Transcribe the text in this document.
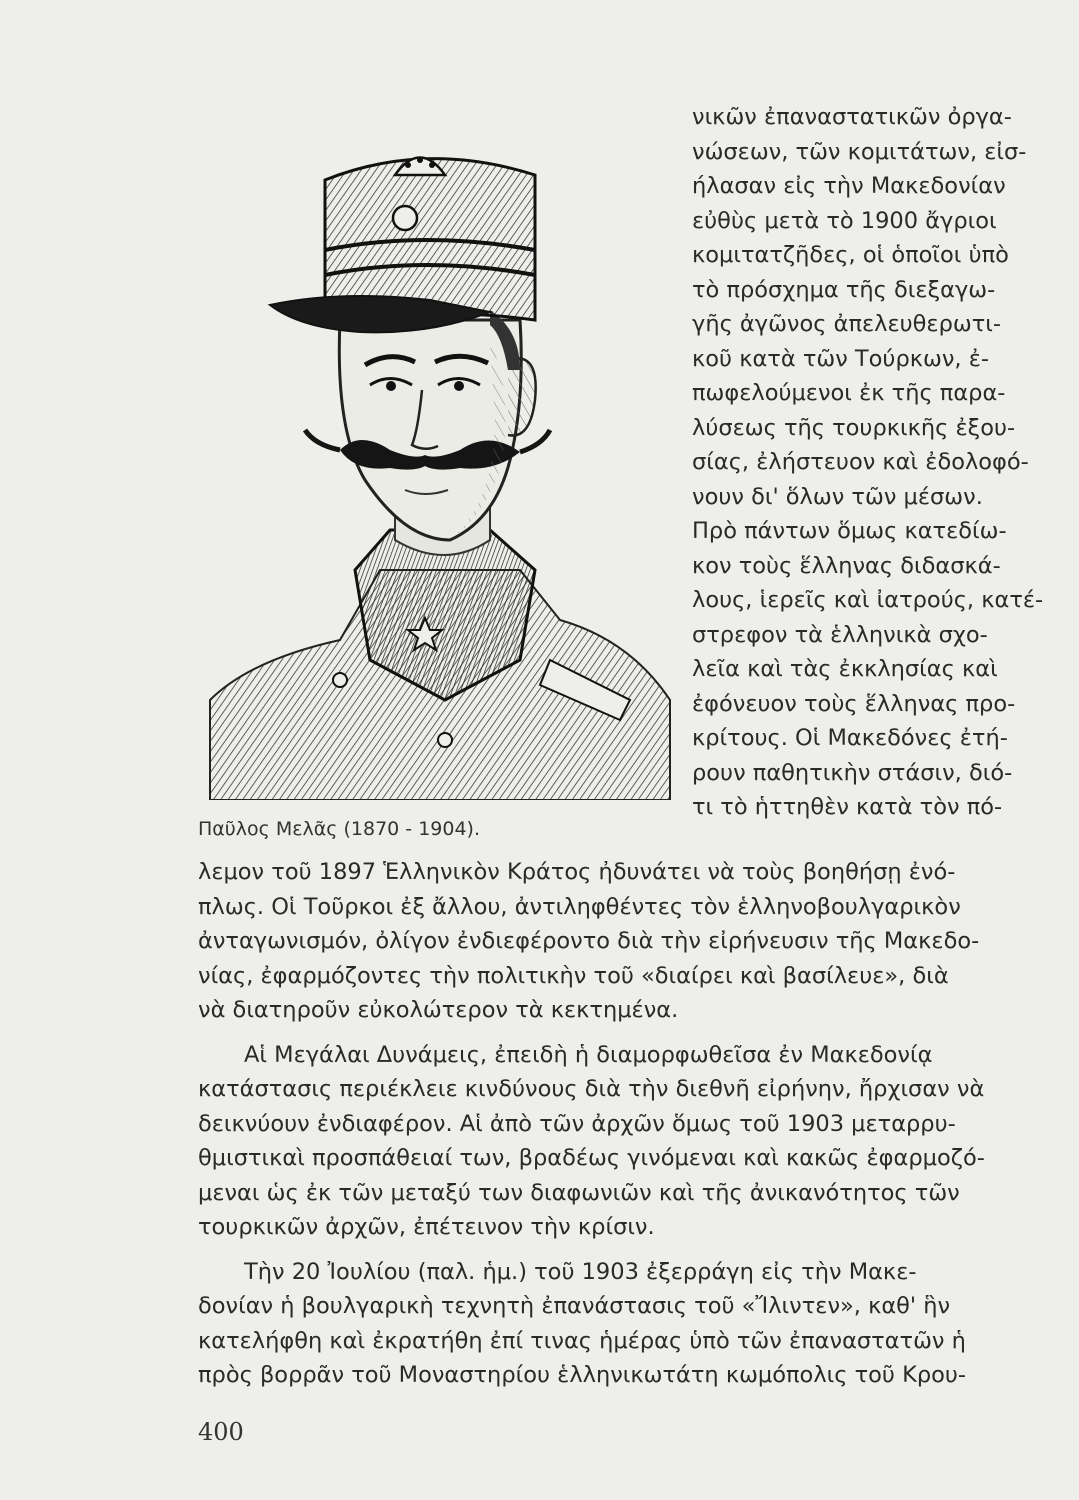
Παῦλος Μελᾶς (1870 - 1904).
νικῶν ἐπαναστατικῶν ὀργα-
νώσεων, τῶν κομιτάτων, εἰσ-
ήλασαν εἰς τὴν Μακεδονίαν
εὐθὺς μετὰ τὸ 1900 ἄγριοι
κομιτατζῆδες, οἱ ὁποῖοι ὑπὸ
τὸ πρόσχημα τῆς διεξαγω-
γῆς ἀγῶνος ἀπελευθερωτι-
κοῦ κατὰ τῶν Τούρκων, ἐ-
πωφελούμενοι ἐκ τῆς παρα-
λύσεως τῆς τουρκικῆς ἐξου-
σίας, ἐλήστευον καὶ ἐδολοφό-
νουν δι' ὅλων τῶν μέσων.
Πρὸ πάντων ὅμως κατεδίω-
κον τοὺς ἕλληνας διδασκά-
λους, ἱερεῖς καὶ ἰατρούς, κατέ-
στρεφον τὰ ἑλληνικὰ σχο-
λεῖα καὶ τὰς ἐκκλησίας καὶ
ἐφόνευον τοὺς ἕλληνας προ-
κρίτους. Οἱ Μακεδόνες ἐτή-
ρουν παθητικὴν στάσιν, διό-
τι τὸ ἡττηθὲν κατὰ τὸν πό-
λεμον τοῦ 1897 Ἑλληνικὸν Κράτος ἠδυνάτει νὰ τοὺς βοηθήσῃ ἐνό-
πλως. Οἱ Τοῦρκοι ἐξ ἄλλου, ἀντιληφθέντες τὸν ἑλληνοβουλγαρικὸν
ἀνταγωνισμόν, ὀλίγον ἐνδιεφέροντο διὰ τὴν εἰρήνευσιν τῆς Μακεδο-
νίας, ἐφαρμόζοντες τὴν πολιτικὴν τοῦ «διαίρει καὶ βασίλευε», διὰ
νὰ διατηροῦν εὐκολώτερον τὰ κεκτημένα.
Αἱ Μεγάλαι Δυνάμεις, ἐπειδὴ ἡ διαμορφωθεῖσα ἐν Μακεδονίᾳ
κατάστασις περιέκλειε κινδύνους διὰ τὴν διεθνῆ εἰρήνην, ἤρχισαν νὰ
δεικνύουν ἐνδιαφέρον. Αἱ ἀπὸ τῶν ἀρχῶν ὅμως τοῦ 1903 μεταρρυ-
θμιστικαὶ προσπάθειαί των, βραδέως γινόμεναι καὶ κακῶς ἐφαρμοζό-
μεναι ὡς ἐκ τῶν μεταξύ των διαφωνιῶν καὶ τῆς ἀνικανότητος τῶν
τουρκικῶν ἀρχῶν, ἐπέτεινον τὴν κρίσιν.
Τὴν 20 Ἰουλίου (παλ. ἡμ.) τοῦ 1903 ἐξερράγη εἰς τὴν Μακε-
δονίαν ἡ βουλγαρικὴ τεχνητὴ ἐπανάστασις τοῦ «Ἴλιντεν», καθ' ἣν
κατελήφθη καὶ ἐκρατήθη ἐπί τινας ἡμέρας ὑπὸ τῶν ἐπαναστατῶν ἡ
πρὸς βορρᾶν τοῦ Μοναστηρίου ἑλληνικωτάτη κωμόπολις τοῦ Κρου-
400
